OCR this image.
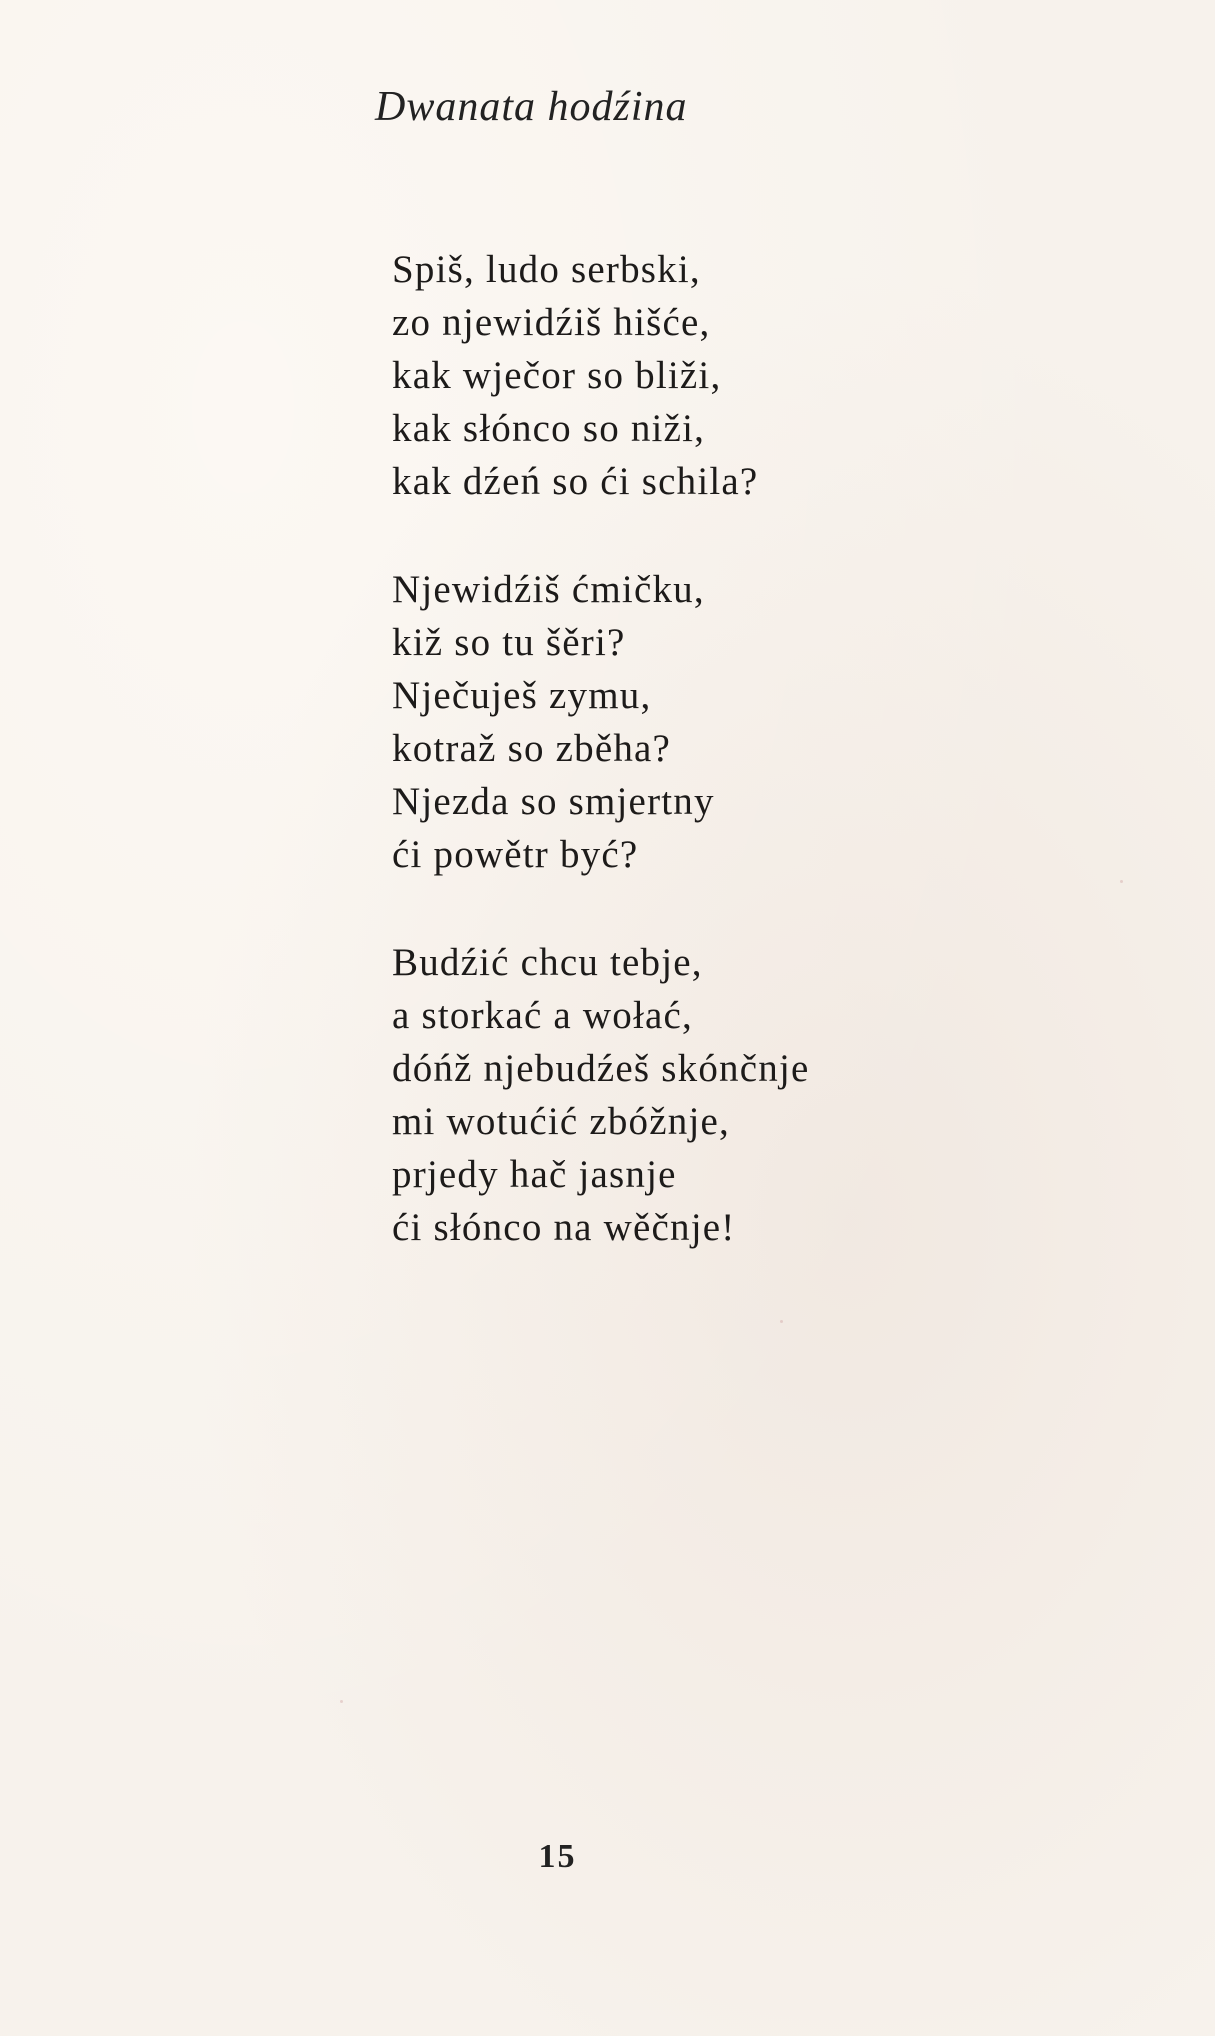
Dwanata hodźina
Spiš, ludo serbski,
zo njewidźiš hišće,
kak wječor so bliži,
kak słónco so niži,
kak dźeń so ći schila?
Njewidźiš ćmičku,
kiž so tu šěri?
Nječuješ zymu,
kotraž so zběha?
Njezda so smjertny
ći powětr być?
Budźić chcu tebje,
a storkać a wołać,
dóńž njebudźeš skónčnje
mi wotućić zbóžnje,
prjedy hač jasnje
ći słónco na wěčnje!
15
